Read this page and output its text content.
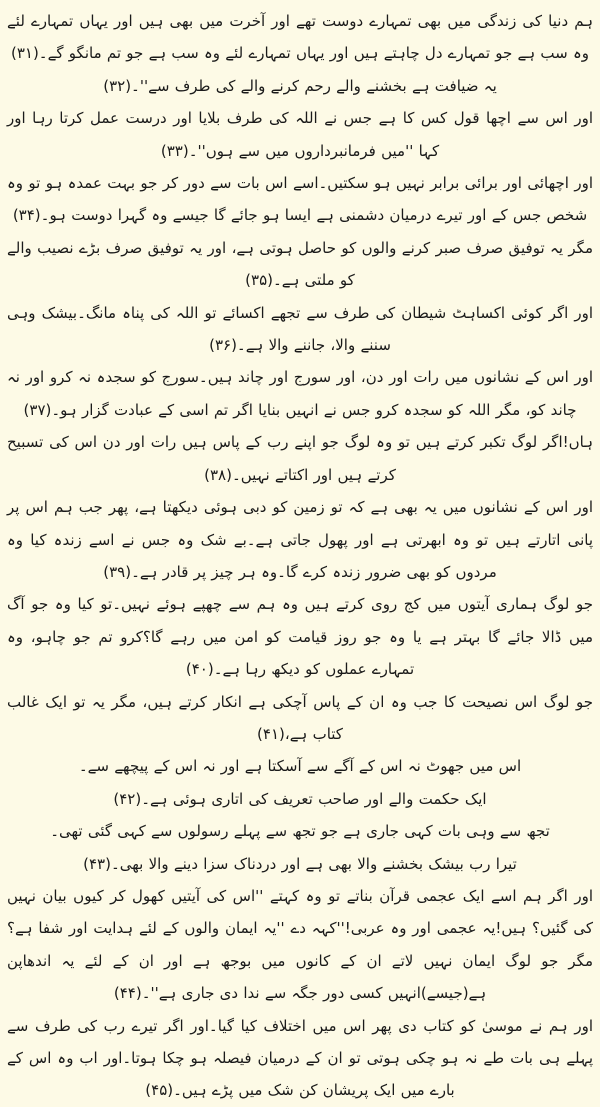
ہم دنیا کی زندگی میں بھی تمہارے دوست تھے اور آخرت میں بھی ہیں اور یہاں تمہارے لئے وہ سب ہے جو تمہارے دل چاہتے ہیں اور یہاں تمہارے لئے وہ سب ہے جو تم مانگو گے۔(۳۱)

یہ ضیافت ہے بخشنے والے رحم کرنے والے کی طرف سے''۔(۳۲)

اور اس سے اچھا قول کس کا ہے جس نے اللہ کی طرف بلایا اور درست عمل کرتا رہا اور کہا ''میں فرمانبرداروں میں سے ہوں''۔(۳۳)

اور اچھائی اور برائی برابر نہیں ہو سکتیں۔اسے اس بات سے دور کر جو بہت عمدہ ہو تو وہ شخص جس کے اور تیرے درمیان دشمنی ہے ایسا ہو جائے گا جیسے وہ گہرا دوست ہو۔(۳۴)

مگر یہ توفیق صرف صبر کرنے والوں کو حاصل ہوتی ہے، اور یہ توفیق صرف بڑے نصیب والے کو ملتی ہے۔(۳۵)

اور اگر کوئی اکساہٹ شیطان کی طرف سے تجھے اکسائے تو اللہ کی پناہ مانگ۔بیشک وہی سننے والا، جاننے والا ہے۔(۳۶)

اور اس کے نشانوں میں رات اور دن، اور سورج اور چاند ہیں۔سورج کو سجدہ نہ کرو اور نہ چاند کو، مگر اللہ کو سجدہ کرو جس نے انہیں بنایا اگر تم اسی کے عبادت گزار ہو۔(۳۷)

ہاں!اگر لوگ تکبر کرتے ہیں تو وہ لوگ جو اپنے رب کے پاس ہیں رات اور دن اس کی تسبیح کرتے ہیں اور اکتاتے نہیں۔(۳۸)

اور اس کے نشانوں میں یہ بھی ہے کہ تو زمین کو دبی ہوئی دیکھتا ہے، پھر جب ہم اس پر پانی اتارتے ہیں تو وہ ابھرتی ہے اور پھول جاتی ہے۔بے شک وہ جس نے اسے زندہ کیا وہ مردوں کو بھی ضرور زندہ کرے گا۔وہ ہر چیز پر قادر ہے۔(۳۹)

جو لوگ ہماری آیتوں میں کج روی کرتے ہیں وہ ہم سے چھپے ہوئے نہیں۔تو کیا وہ جو آگ میں ڈالا جائے گا بہتر ہے یا وہ جو روز قیامت کو امن میں رہے گا؟کرو تم جو چاہو، وہ تمہارے عملوں کو دیکھ رہا ہے۔(۴۰)

جو لوگ اس نصیحت کا جب وہ ان کے پاس آچکی ہے انکار کرتے ہیں، مگر یہ تو ایک غالب کتاب ہے،(۴۱)

اس میں جھوٹ نہ اس کے آگے سے آسکتا ہے اور نہ اس کے پیچھے سے۔

ایک حکمت والے اور صاحب تعریف کی اتاری ہوئی ہے۔(۴۲)

تجھ سے وہی بات کہی جاری ہے جو تجھ سے پہلے رسولوں سے کہی گئی تھی۔

تیرا رب بیشک بخشنے والا بھی ہے اور دردناک سزا دینے والا بھی۔(۴۳)

اور اگر ہم اسے ایک عجمی قرآن بناتے تو وہ کہتے ''اس کی آیتیں کھول کر کیوں بیان نہیں کی گئیں؟ ہیں!یہ عجمی اور وہ عربی!''کہہ دے ''یہ ایمان والوں کے لئے ہدایت اور شفا ہے؟مگر جو لوگ ایمان نہیں لاتے ان کے کانوں میں بوجھ ہے اور ان کے لئے یہ اندھاپن ہے(جیسے)انہیں کسی دور جگہ سے ندا دی جاری ہے''۔(۴۴)

اور ہم نے موسیٰ کو کتاب دی پھر اس میں اختلاف کیا گیا۔اور اگر تیرے رب کی طرف سے پہلے ہی بات طے نہ ہو چکی ہوتی تو ان کے درمیان فیصلہ ہو چکا ہوتا۔اور اب وہ اس کے بارے میں ایک پریشان کن شک میں پڑے ہیں۔(۴۵)
